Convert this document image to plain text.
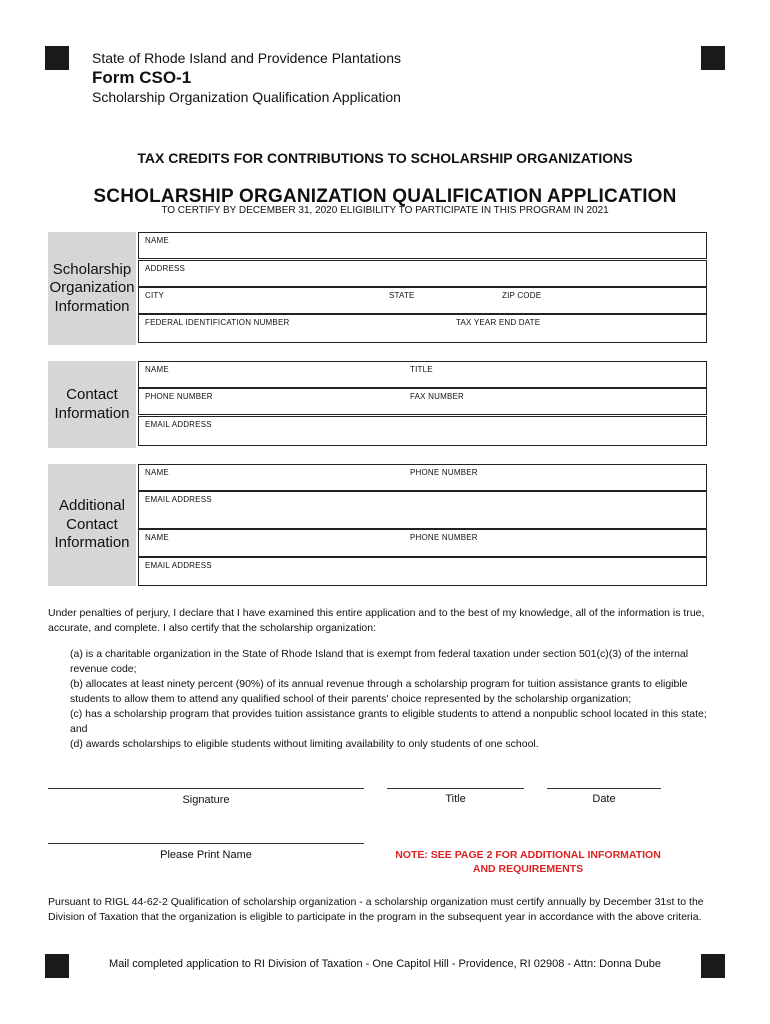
State of Rhode Island and Providence Plantations
Form CSO-1
Scholarship Organization Qualification Application
TAX CREDITS FOR CONTRIBUTIONS TO SCHOLARSHIP ORGANIZATIONS
SCHOLARSHIP ORGANIZATION QUALIFICATION APPLICATION
TO CERTIFY BY DECEMBER 31, 2020 ELIGIBILITY TO PARTICIPATE IN THIS PROGRAM IN 2021
Scholarship
Organization
Information
NAME
ADDRESS
CITY	STATE	ZIP CODE
FEDERAL IDENTIFICATION NUMBER	TAX YEAR END DATE
Contact
Information
NAME	TITLE
PHONE NUMBER	FAX NUMBER
EMAIL ADDRESS
Additional
Contact
Information
NAME	PHONE NUMBER
EMAIL ADDRESS
NAME	PHONE NUMBER
EMAIL ADDRESS
Under penalties of perjury, I declare that I have examined this entire application and to the best of my knowledge, all of the information is true, accurate, and complete. I also certify that the scholarship organization:
(a) is a charitable organization in the State of Rhode Island that is exempt from federal taxation under section 501(c)(3) of the internal revenue code;
(b) allocates at least ninety percent (90%) of its annual revenue through a scholarship program for tuition assistance grants to eligible students to allow them to attend any qualified school of their parents' choice represented by the scholarship organization;
(c) has a scholarship program that provides tuition assistance grants to eligible students to attend a nonpublic school located in this state; and
(d) awards scholarships to eligible students without limiting availability to only students of one school.
Signature	Title	Date
Please Print Name	NOTE: SEE PAGE 2 FOR ADDITIONAL INFORMATION
AND REQUIREMENTS
Pursuant to RIGL 44-62-2 Qualification of scholarship organization - a scholarship organization must certify annually by December 31st to the Division of Taxation that the organization is eligible to participate in the program in the subsequent year in accordance with the above criteria.
Mail completed application to RI Division of Taxation - One Capitol Hill - Providence, RI 02908 - Attn: Donna Dube
